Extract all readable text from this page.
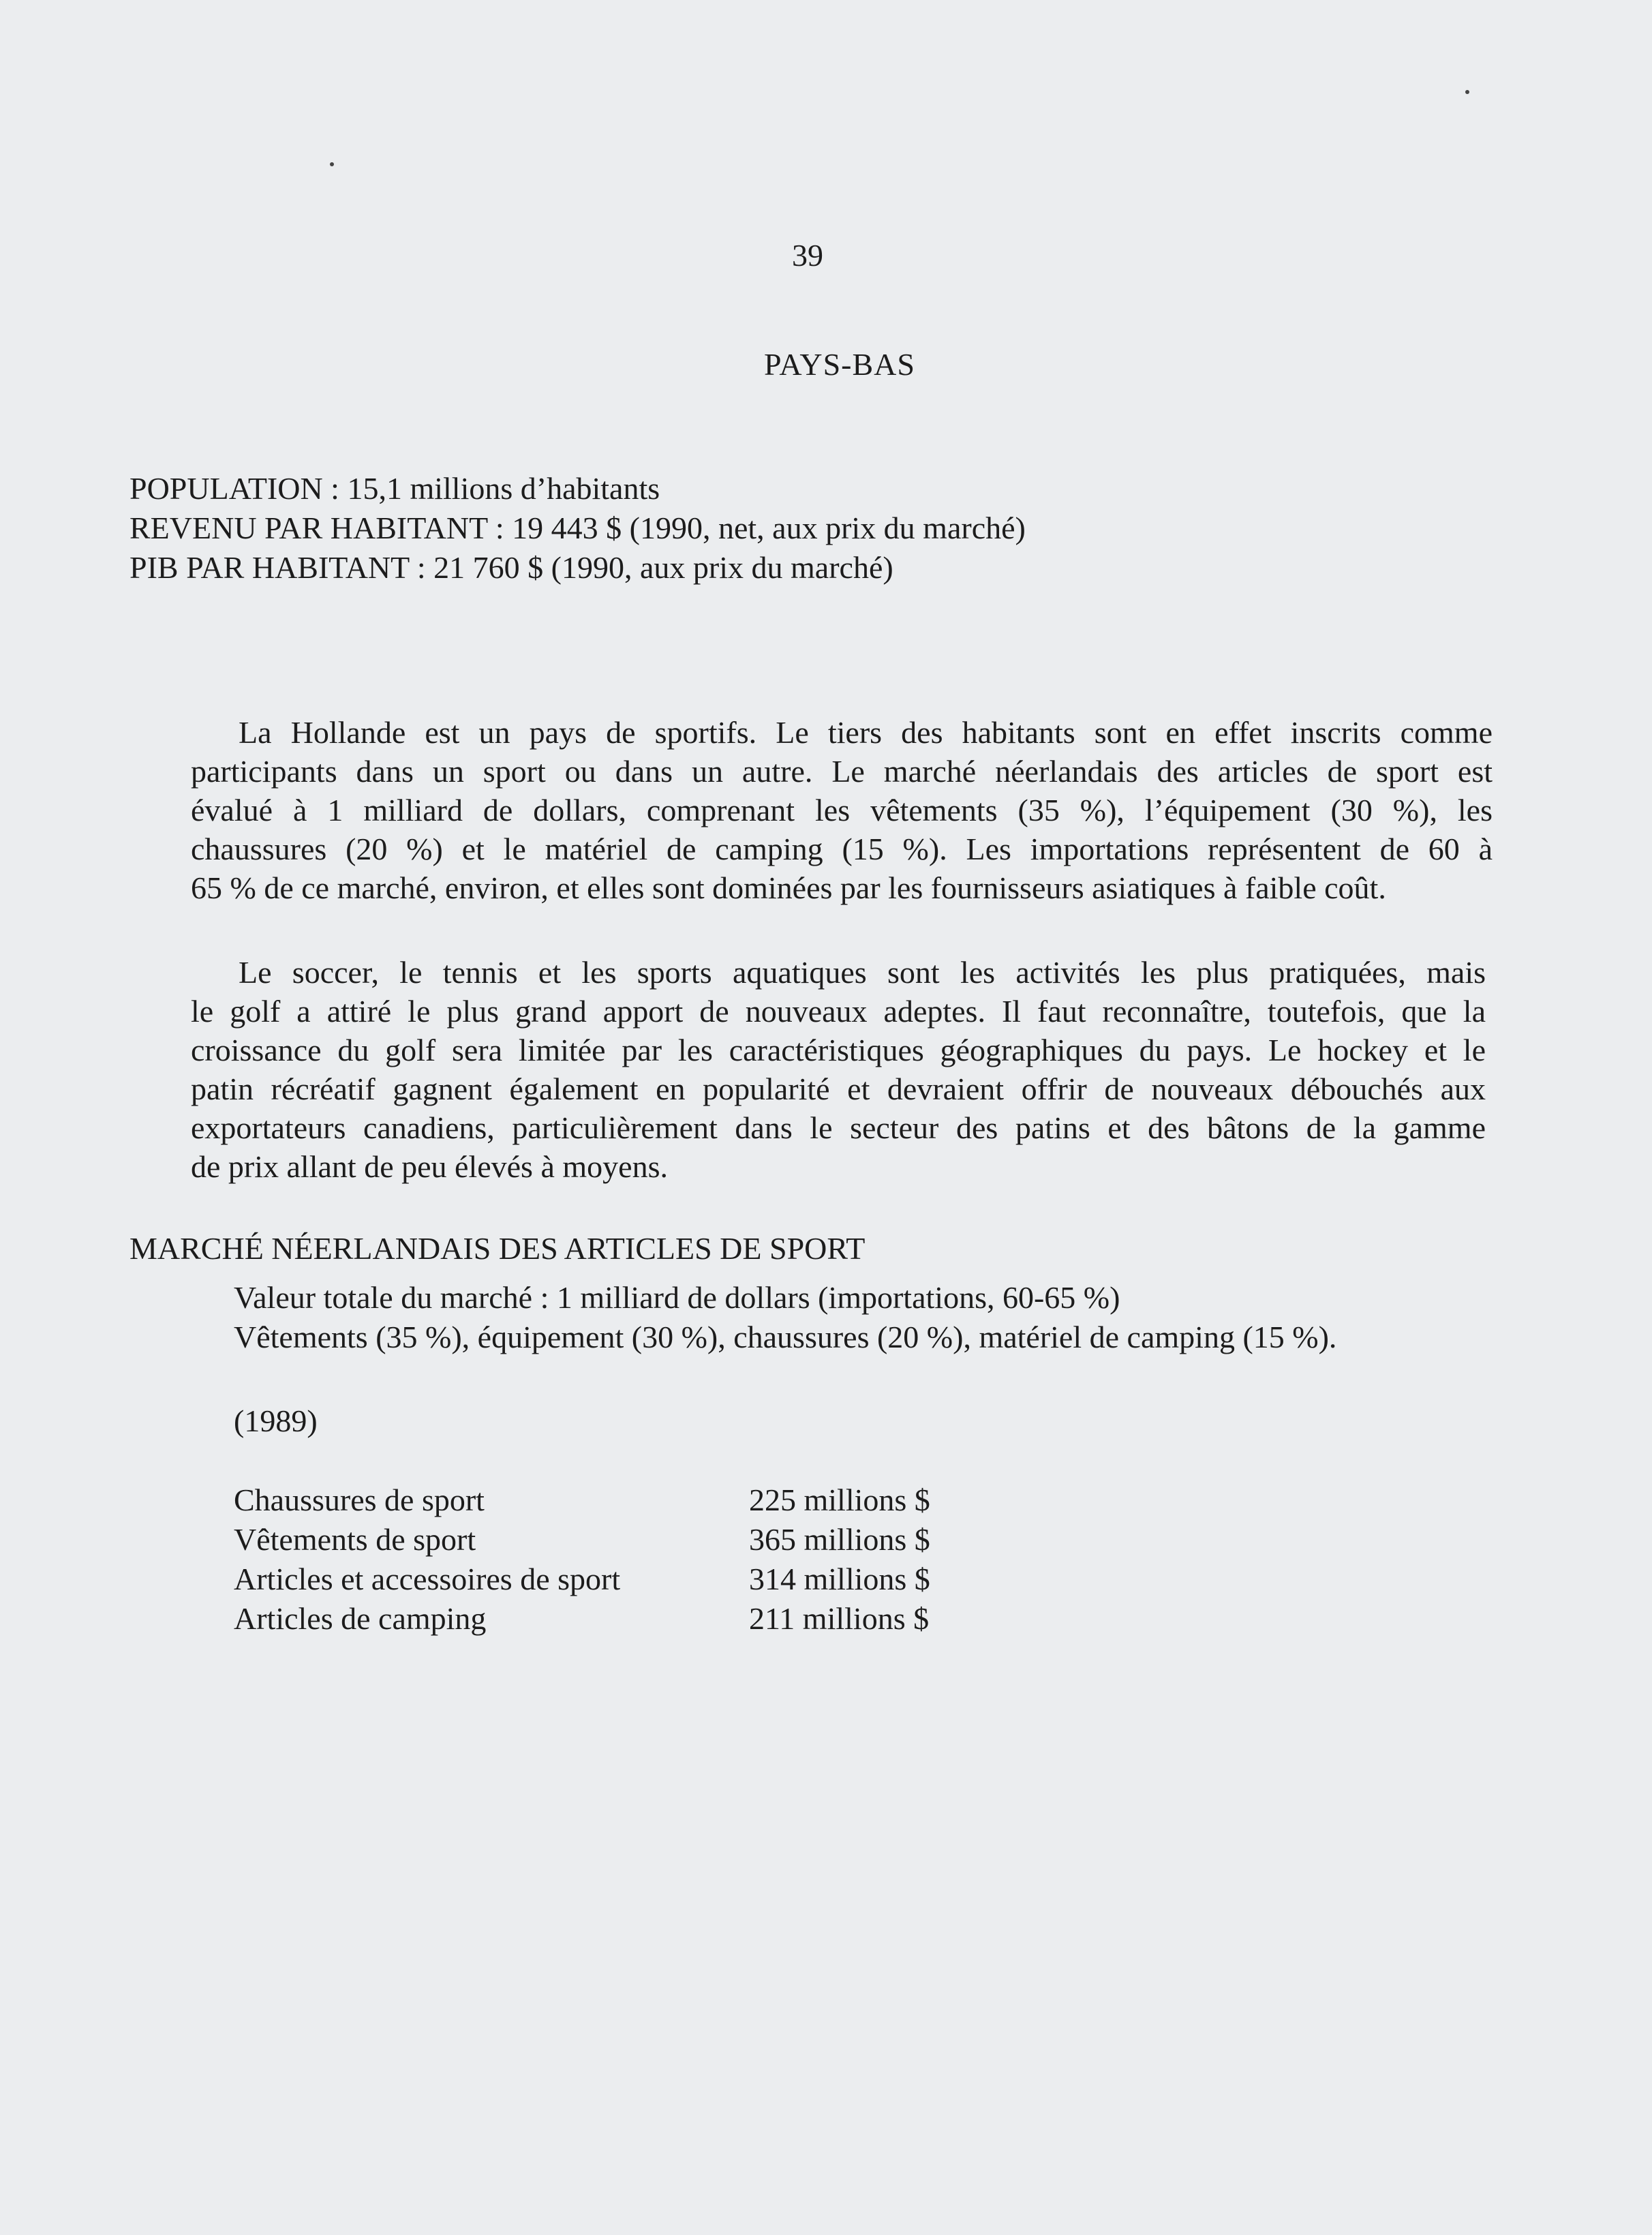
39
PAYS-BAS
POPULATION : 15,1 millions d’habitants
REVENU PAR HABITANT : 19 443 $ (1990, net, aux prix du marché)
PIB PAR HABITANT : 21 760 $ (1990, aux prix du marché)
La Hollande est un pays de sportifs. Le tiers des habitants sont en effet inscrits comme
participants dans un sport ou dans un autre. Le marché néerlandais des articles de sport est
évalué à 1 milliard de dollars, comprenant les vêtements (35 %), l’équipement (30 %), les
chaussures (20 %) et le matériel de camping (15 %). Les importations représentent de 60 à
65 % de ce marché, environ, et elles sont dominées par les fournisseurs asiatiques à faible coût.
Le soccer, le tennis et les sports aquatiques sont les activités les plus pratiquées, mais
le golf a attiré le plus grand apport de nouveaux adeptes. Il faut reconnaître, toutefois, que la
croissance du golf sera limitée par les caractéristiques géographiques du pays. Le hockey et le
patin récréatif gagnent également en popularité et devraient offrir de nouveaux débouchés aux
exportateurs canadiens, particulièrement dans le secteur des patins et des bâtons de la gamme
de prix allant de peu élevés à moyens.
MARCHÉ NÉERLANDAIS DES ARTICLES DE SPORT
Valeur totale du marché : 1 milliard de dollars (importations, 60-65 %)
Vêtements (35 %), équipement (30 %), chaussures (20 %), matériel de camping (15 %).
(1989)
Chaussures de sport	225 millions $
Vêtements de sport	365 millions $
Articles et accessoires de sport	314 millions $
Articles de camping	211 millions $
